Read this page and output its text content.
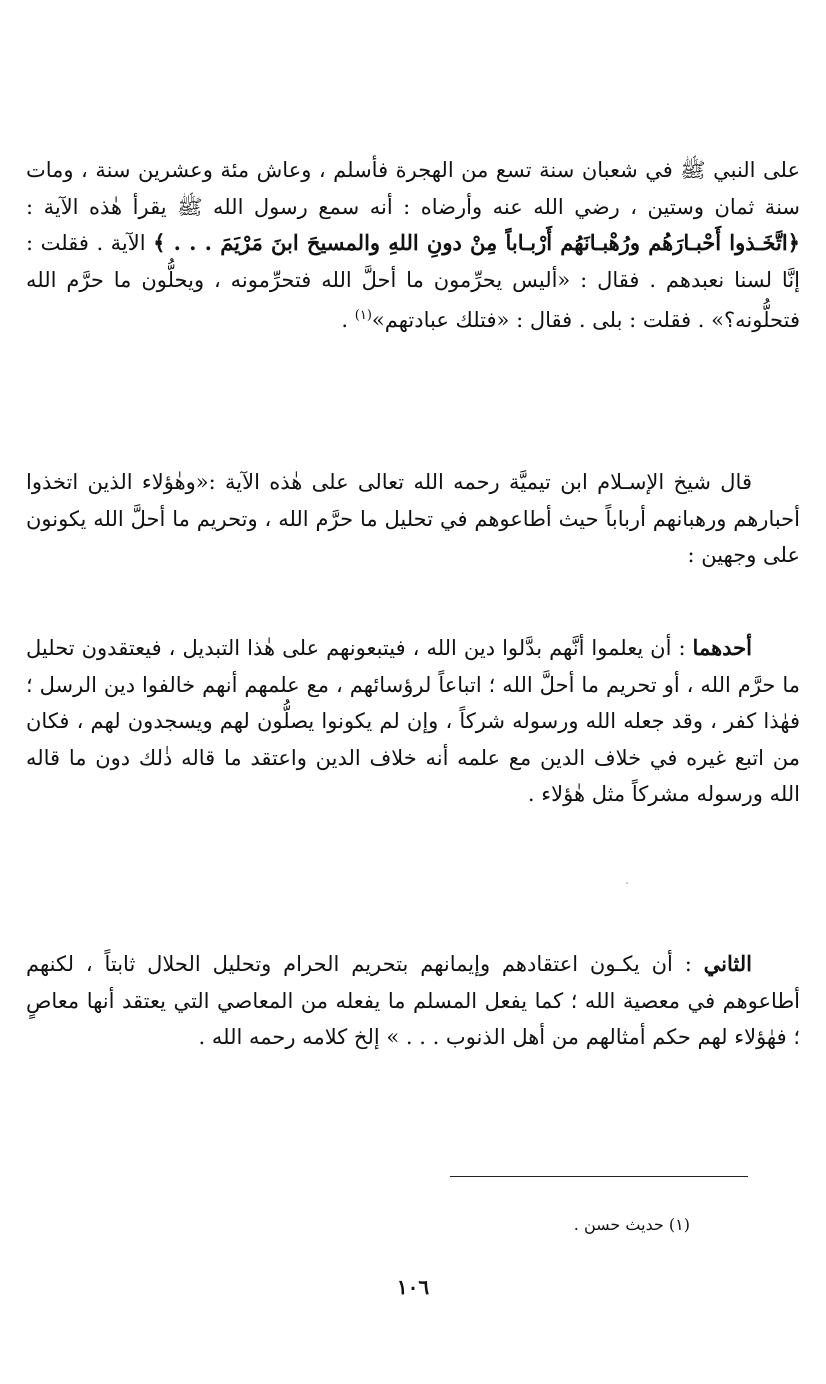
على النبي ﷺ في شعبان سنة تسع من الهجرة فأسلم ، وعاش مئة وعشرين سنة ، ومات سنة ثمان وستين ، رضي الله عنه وأرضاه : أنه سمع رسول الله ﷺ يقرأ هٰذه الآية : ﴿اتَّخَـذوا أَحْبـارَهُم ورُهْبـانَهُم أَرْبـاباً مِنْ دونِ اللهِ والمسيحَ ابنَ مَرْيَمَ . . . ﴾ الآية . فقلت : إنَّا لسنا نعبدهم . فقال : «أليس يحرِّمون ما أحلَّ الله فتحرِّمونه ، ويحلُّون ما حرَّم الله فتحلُّونه؟» . فقلت : بلى . فقال : «فتلك عبادتهم»$^{(١)}$ .

قال شيخ الإسـلام ابن تيميَّة رحمه الله تعالى على هٰذه الآية :«وهٰؤلاء الذين اتخذوا أحبارهم ورهبانهم أرباباً حيث أطاعوهم في تحليل ما حرَّم الله ، وتحريم ما أحلَّ الله يكونون على وجهين :

أحدهما : أن يعلموا أنَّهم بدَّلوا دين الله ، فيتبعونهم على هٰذا التبديل ، فيعتقدون تحليل ما حرَّم الله ، أو تحريم ما أحلَّ الله ؛ اتباعاً لرؤسائهم ، مع علمهم أنهم خالفوا دين الرسل ؛ فهٰذا كفر ، وقد جعله الله ورسوله شركاً ، وإن لم يكونوا يصلُّون لهم ويسجدون لهم ، فكان من اتبع غيره في خلاف الدين مع علمه أنه خلاف الدين واعتقد ما قاله ذٰلك دون ما قاله الله ورسوله مشركاً مثل هٰؤلاء .

الثاني : أن يكـون اعتقادهم وإيمانهم بتحريم الحرام وتحليل الحلال ثابتاً ، لكنهم أطاعوهم في معصية الله ؛ كما يفعل المسلم ما يفعله من المعاصي التي يعتقد أنها معاصٍ ؛ فهٰؤلاء لهم حكم أمثالهم من أهل الذنوب . . . » إلخ كلامه رحمه الله .

(١) حديث حسن .

١٠٦
